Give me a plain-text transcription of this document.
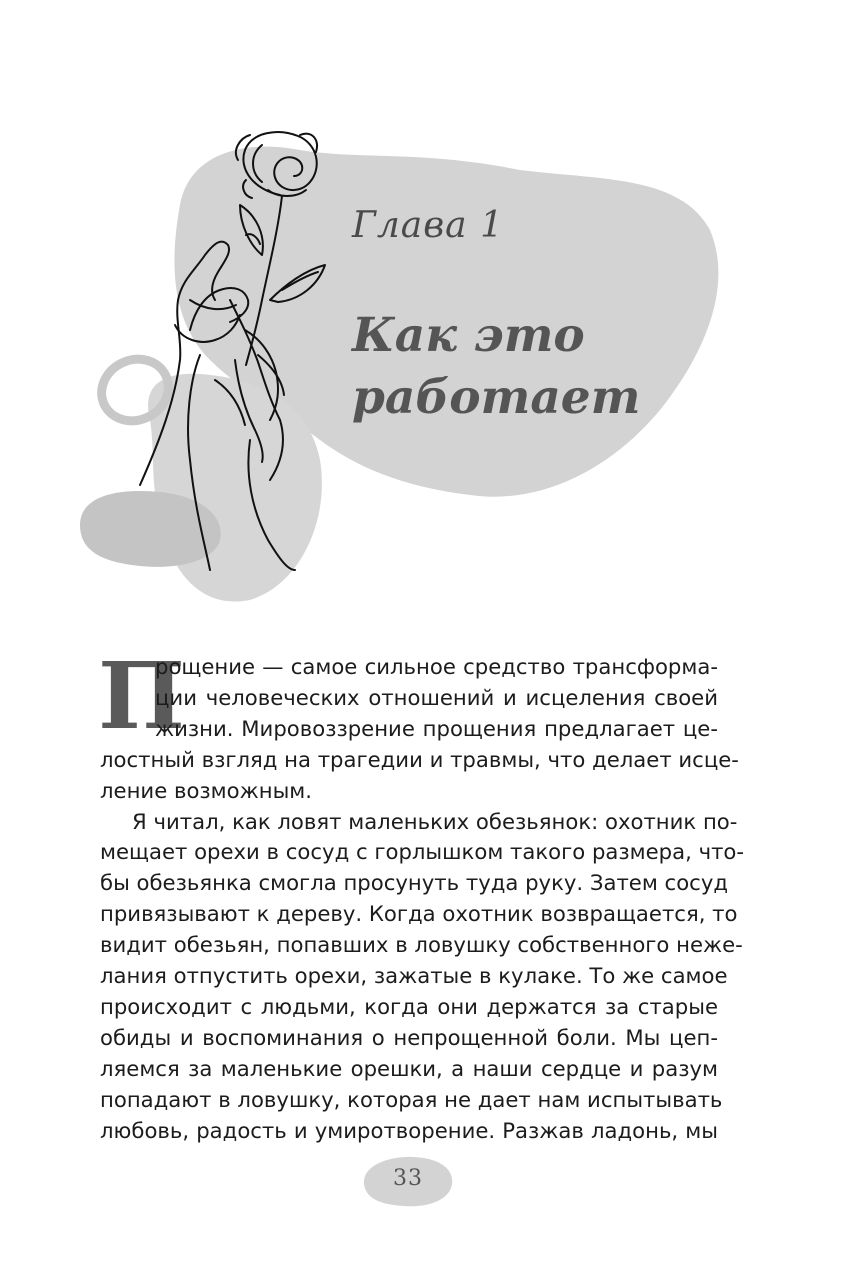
Глава 1
Как это
работает
П
рощение — самое сильное средство трансформа-
ции человеческих отношений и исцеления своей
жизни. Мировоззрение прощения предлагает це-
лостный взгляд на трагедии и травмы, что делает исце-
ление возможным.
Я читал, как ловят маленьких обезьянок: охотник по-
мещает орехи в сосуд с горлышком такого размера, что-
бы обезьянка смогла просунуть туда руку. Затем сосуд
привязывают к дереву. Когда охотник возвращается, то
видит обезьян, попавших в ловушку собственного неже-
лания отпустить орехи, зажатые в кулаке. То же самое
происходит с людьми, когда они держатся за старые
обиды и воспоминания о непрощенной боли. Мы цеп-
ляемся за маленькие орешки, а наши сердце и разум
попадают в ловушку, которая не дает нам испытывать
любовь, радость и умиротворение. Разжав ладонь, мы
33
